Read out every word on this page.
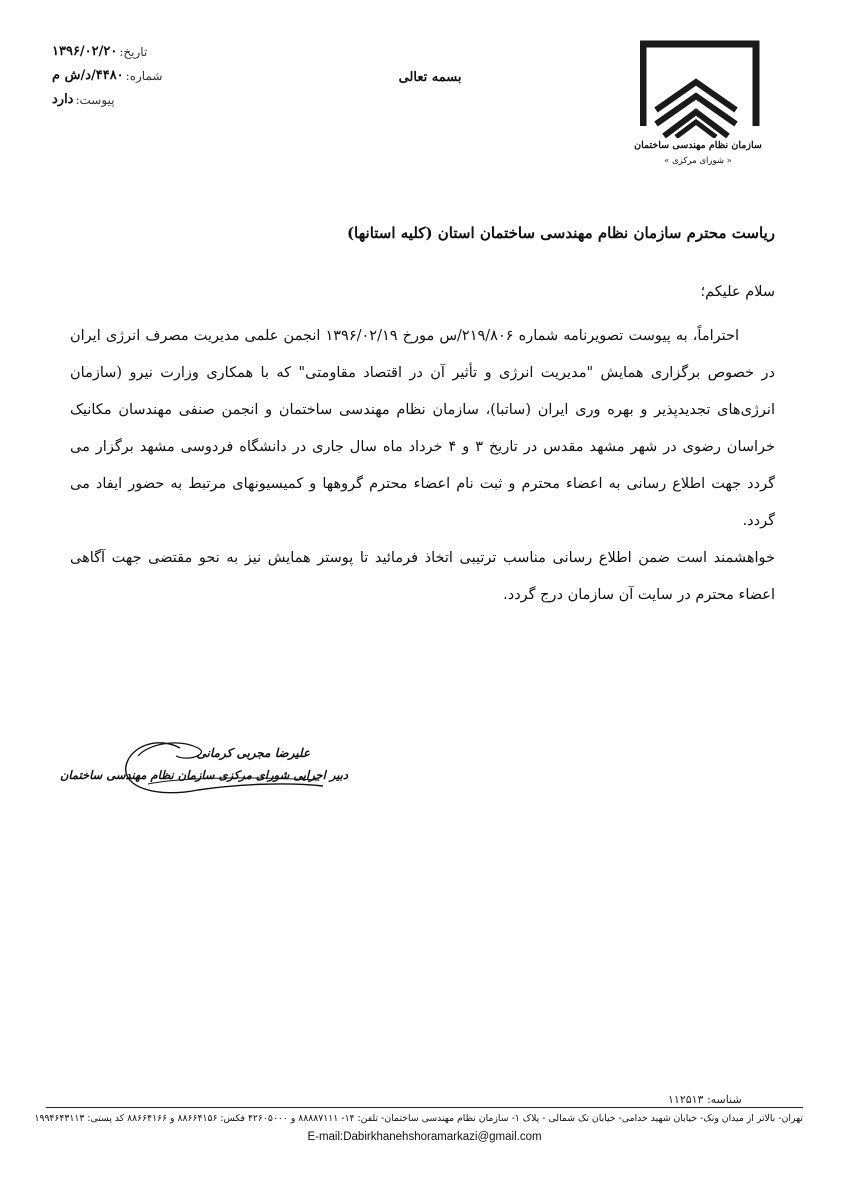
تاریخ:
۱۳۹۶/۰۲/۲۰
شماره:
۴۴۸۰/د/ش م
پیوست:
دارد
بسمه تعالی
سازمان نظام مهندسی ساختمان
« شورای مرکزی »
ریاست محترم سازمان نظام مهندسی ساختمان استان (کلیه استانها)
سلام علیکم؛

احتراماً، به پیوست تصویرنامه شماره ۲۱۹/۸۰۶/س مورخ ۱۳۹۶/۰۲/۱۹ انجمن علمی مدیریت مصرف انرژی ایران در خصوص برگزاری همایش "مدیریت انرژی و تأثیر آن در اقتصاد مقاومتی" که با همکاری وزارت نیرو (سازمان انرژی‌های تجدیدپذیر و بهره وری ایران (ساتبا)، سازمان نظام مهندسی ساختمان و انجمن صنفی مهندسان مکانیک خراسان رضوی در شهر مشهد مقدس در تاریخ ۳ و ۴ خرداد ماه سال جاری در دانشگاه فردوسی مشهد برگزار می گردد جهت اطلاع رسانی به اعضاء محترم و ثبت نام اعضاء محترم گروهها و کمیسیونهای مرتبط به حضور ایفاد می گردد.

خواهشمند است ضمن اطلاع رسانی مناسب ترتیبی اتخاذ فرمائید تا پوستر همایش نیز به نحو مقتضی جهت آگاهی اعضاء محترم در سایت آن سازمان درج گردد.

علیرضا مجربی کرمانی
دبیر اجرایی شورای مرکزی سازمان نظام مهندسی ساختمان
شناسه: ۱۱۲۵۱۳
تهران- بالاتر از میدان ونک- خیابان شهید خدامی- خیابان تک شمالی - پلاک ۱- سازمان نظام مهندسی ساختمان- تلفن: ۱۴- ۸۸۸۸۷۱۱۱ و ۴۲۶۰۵۰۰۰ فکس: ۸۸۶۶۴۱۵۶ و ۸۸۶۶۴۱۶۶ کد پستی: ۱۹۹۴۶۴۳۱۱۳
E-mail:Dabirkhanehshoramarkazi@gmail.com
